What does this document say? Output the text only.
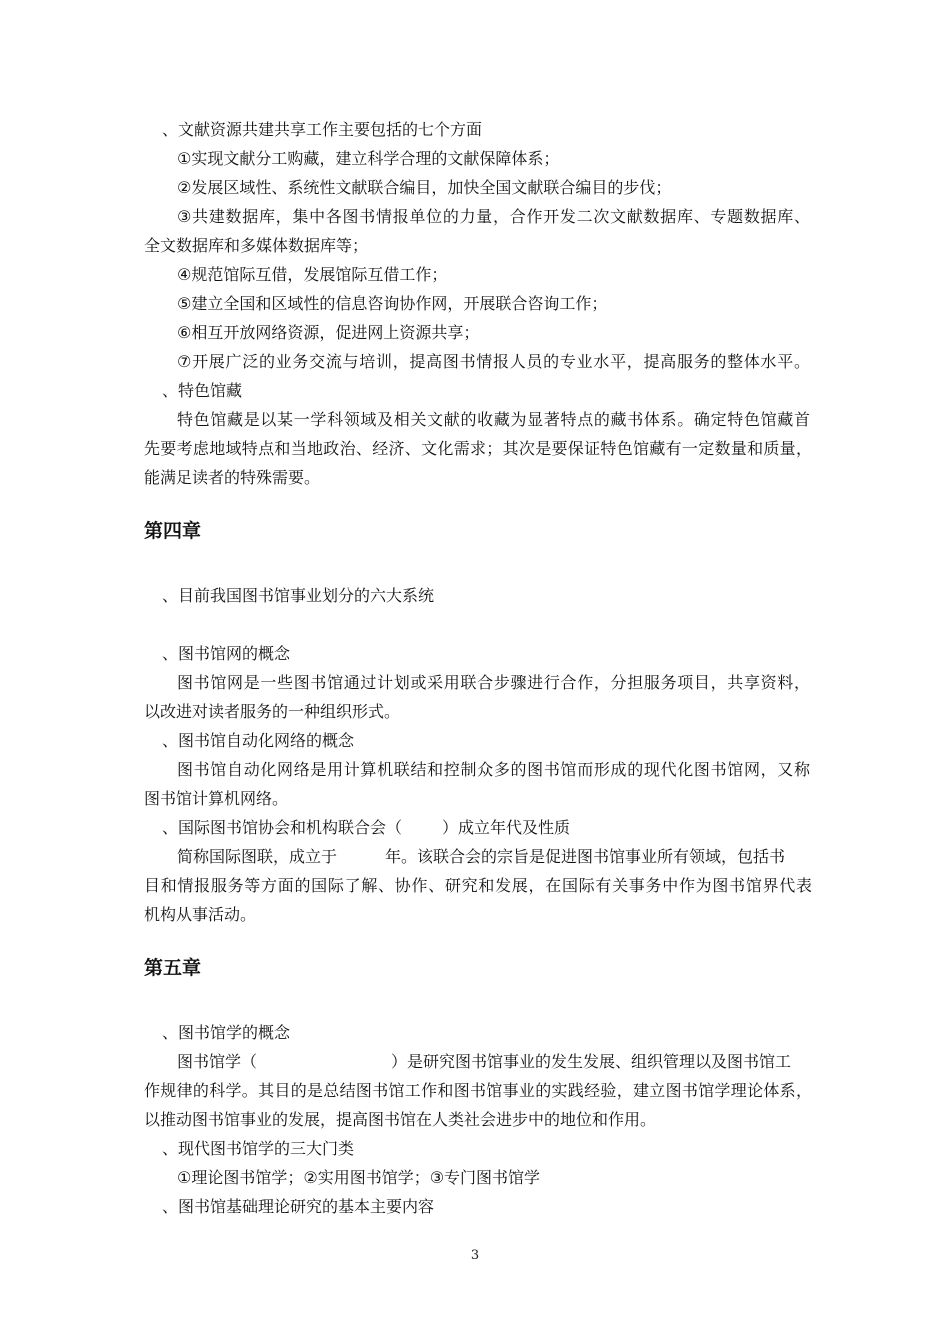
、文献资源共建共享工作主要包括的七个方面
①实现文献分工购藏，建立科学合理的文献保障体系；
②发展区域性、系统性文献联合编目，加快全国文献联合编目的步伐；
③共建数据库，集中各图书情报单位的力量，合作开发二次文献数据库、专题数据库、
全文数据库和多媒体数据库等；
④规范馆际互借，发展馆际互借工作；
⑤建立全国和区域性的信息咨询协作网，开展联合咨询工作；
⑥相互开放网络资源，促进网上资源共享；
⑦开展广泛的业务交流与培训，提高图书情报人员的专业水平，提高服务的整体水平。
、特色馆藏
特色馆藏是以某一学科领域及相关文献的收藏为显著特点的藏书体系。确定特色馆藏首
先要考虑地域特点和当地政治、经济、文化需求；其次是要保证特色馆藏有一定数量和质量，
能满足读者的特殊需要。
第四章
、目前我国图书馆事业划分的六大系统
、图书馆网的概念
图书馆网是一些图书馆通过计划或采用联合步骤进行合作，分担服务项目，共享资料，
以改进对读者服务的一种组织形式。
、图书馆自动化网络的概念
图书馆自动化网络是用计算机联结和控制众多的图书馆而形成的现代化图书馆网，又称
图书馆计算机网络。
、国际图书馆协会和机构联合会（	）成立年代及性质
简称国际图联，成立于	年。该联合会的宗旨是促进图书馆事业所有领域，包括书
目和情报服务等方面的国际了解、协作、研究和发展，在国际有关事务中作为图书馆界代表
机构从事活动。
第五章
、图书馆学的概念
图书馆学（	）是研究图书馆事业的发生发展、组织管理以及图书馆工
作规律的科学。其目的是总结图书馆工作和图书馆事业的实践经验，建立图书馆学理论体系，
以推动图书馆事业的发展，提高图书馆在人类社会进步中的地位和作用。
、现代图书馆学的三大门类
①理论图书馆学；②实用图书馆学；③专门图书馆学
、图书馆基础理论研究的基本主要内容
3
